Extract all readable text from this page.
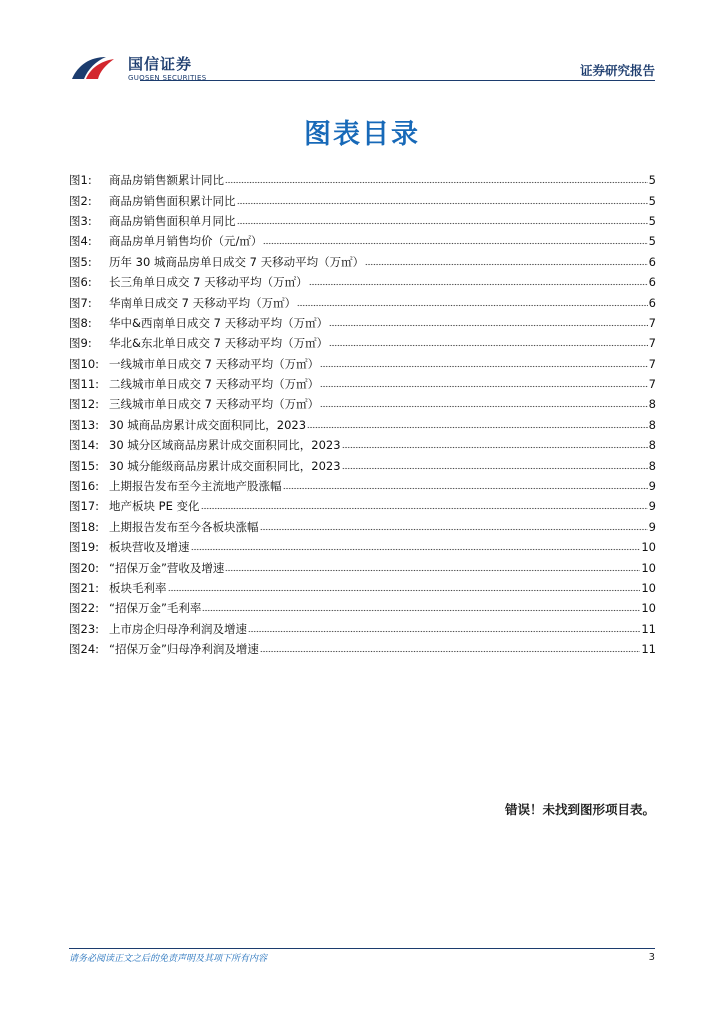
国信证券
GUOSEN SECURITIES	证券研究报告
图表目录
图1:	商品房销售额累计同比	5
图2:	商品房销售面积累计同比	5
图3:	商品房销售面积单月同比	5
图4:	商品房单月销售均价（元/㎡）	5
图5:	历年 30 城商品房单日成交 7 天移动平均（万㎡）	6
图6:	长三角单日成交 7 天移动平均（万㎡）	6
图7:	华南单日成交 7 天移动平均（万㎡）	6
图8:	华中&西南单日成交 7 天移动平均（万㎡）	7
图9:	华北&东北单日成交 7 天移动平均（万㎡）	7
图10: 一线城市单日成交 7 天移动平均（万㎡）	7
图11: 二线城市单日成交 7 天移动平均（万㎡）	7
图12: 三线城市单日成交 7 天移动平均（万㎡）	8
图13: 30 城商品房累计成交面积同比，2023	8
图14: 30 城分区域商品房累计成交面积同比，2023	8
图15: 30 城分能级商品房累计成交面积同比，2023	8
图16: 上期报告发布至今主流地产股涨幅	9
图17: 地产板块 PE 变化	9
图18: 上期报告发布至今各板块涨幅	9
图19: 板块营收及增速	10
图20: “招保万金”营收及增速	10
图21: 板块毛利率	10
图22: “招保万金”毛利率	10
图23: 上市房企归母净利润及增速	11
图24: “招保万金”归母净利润及增速	11
错误！未找到图形项目表。
请务必阅读正文之后的免责声明及其项下所有内容	3
